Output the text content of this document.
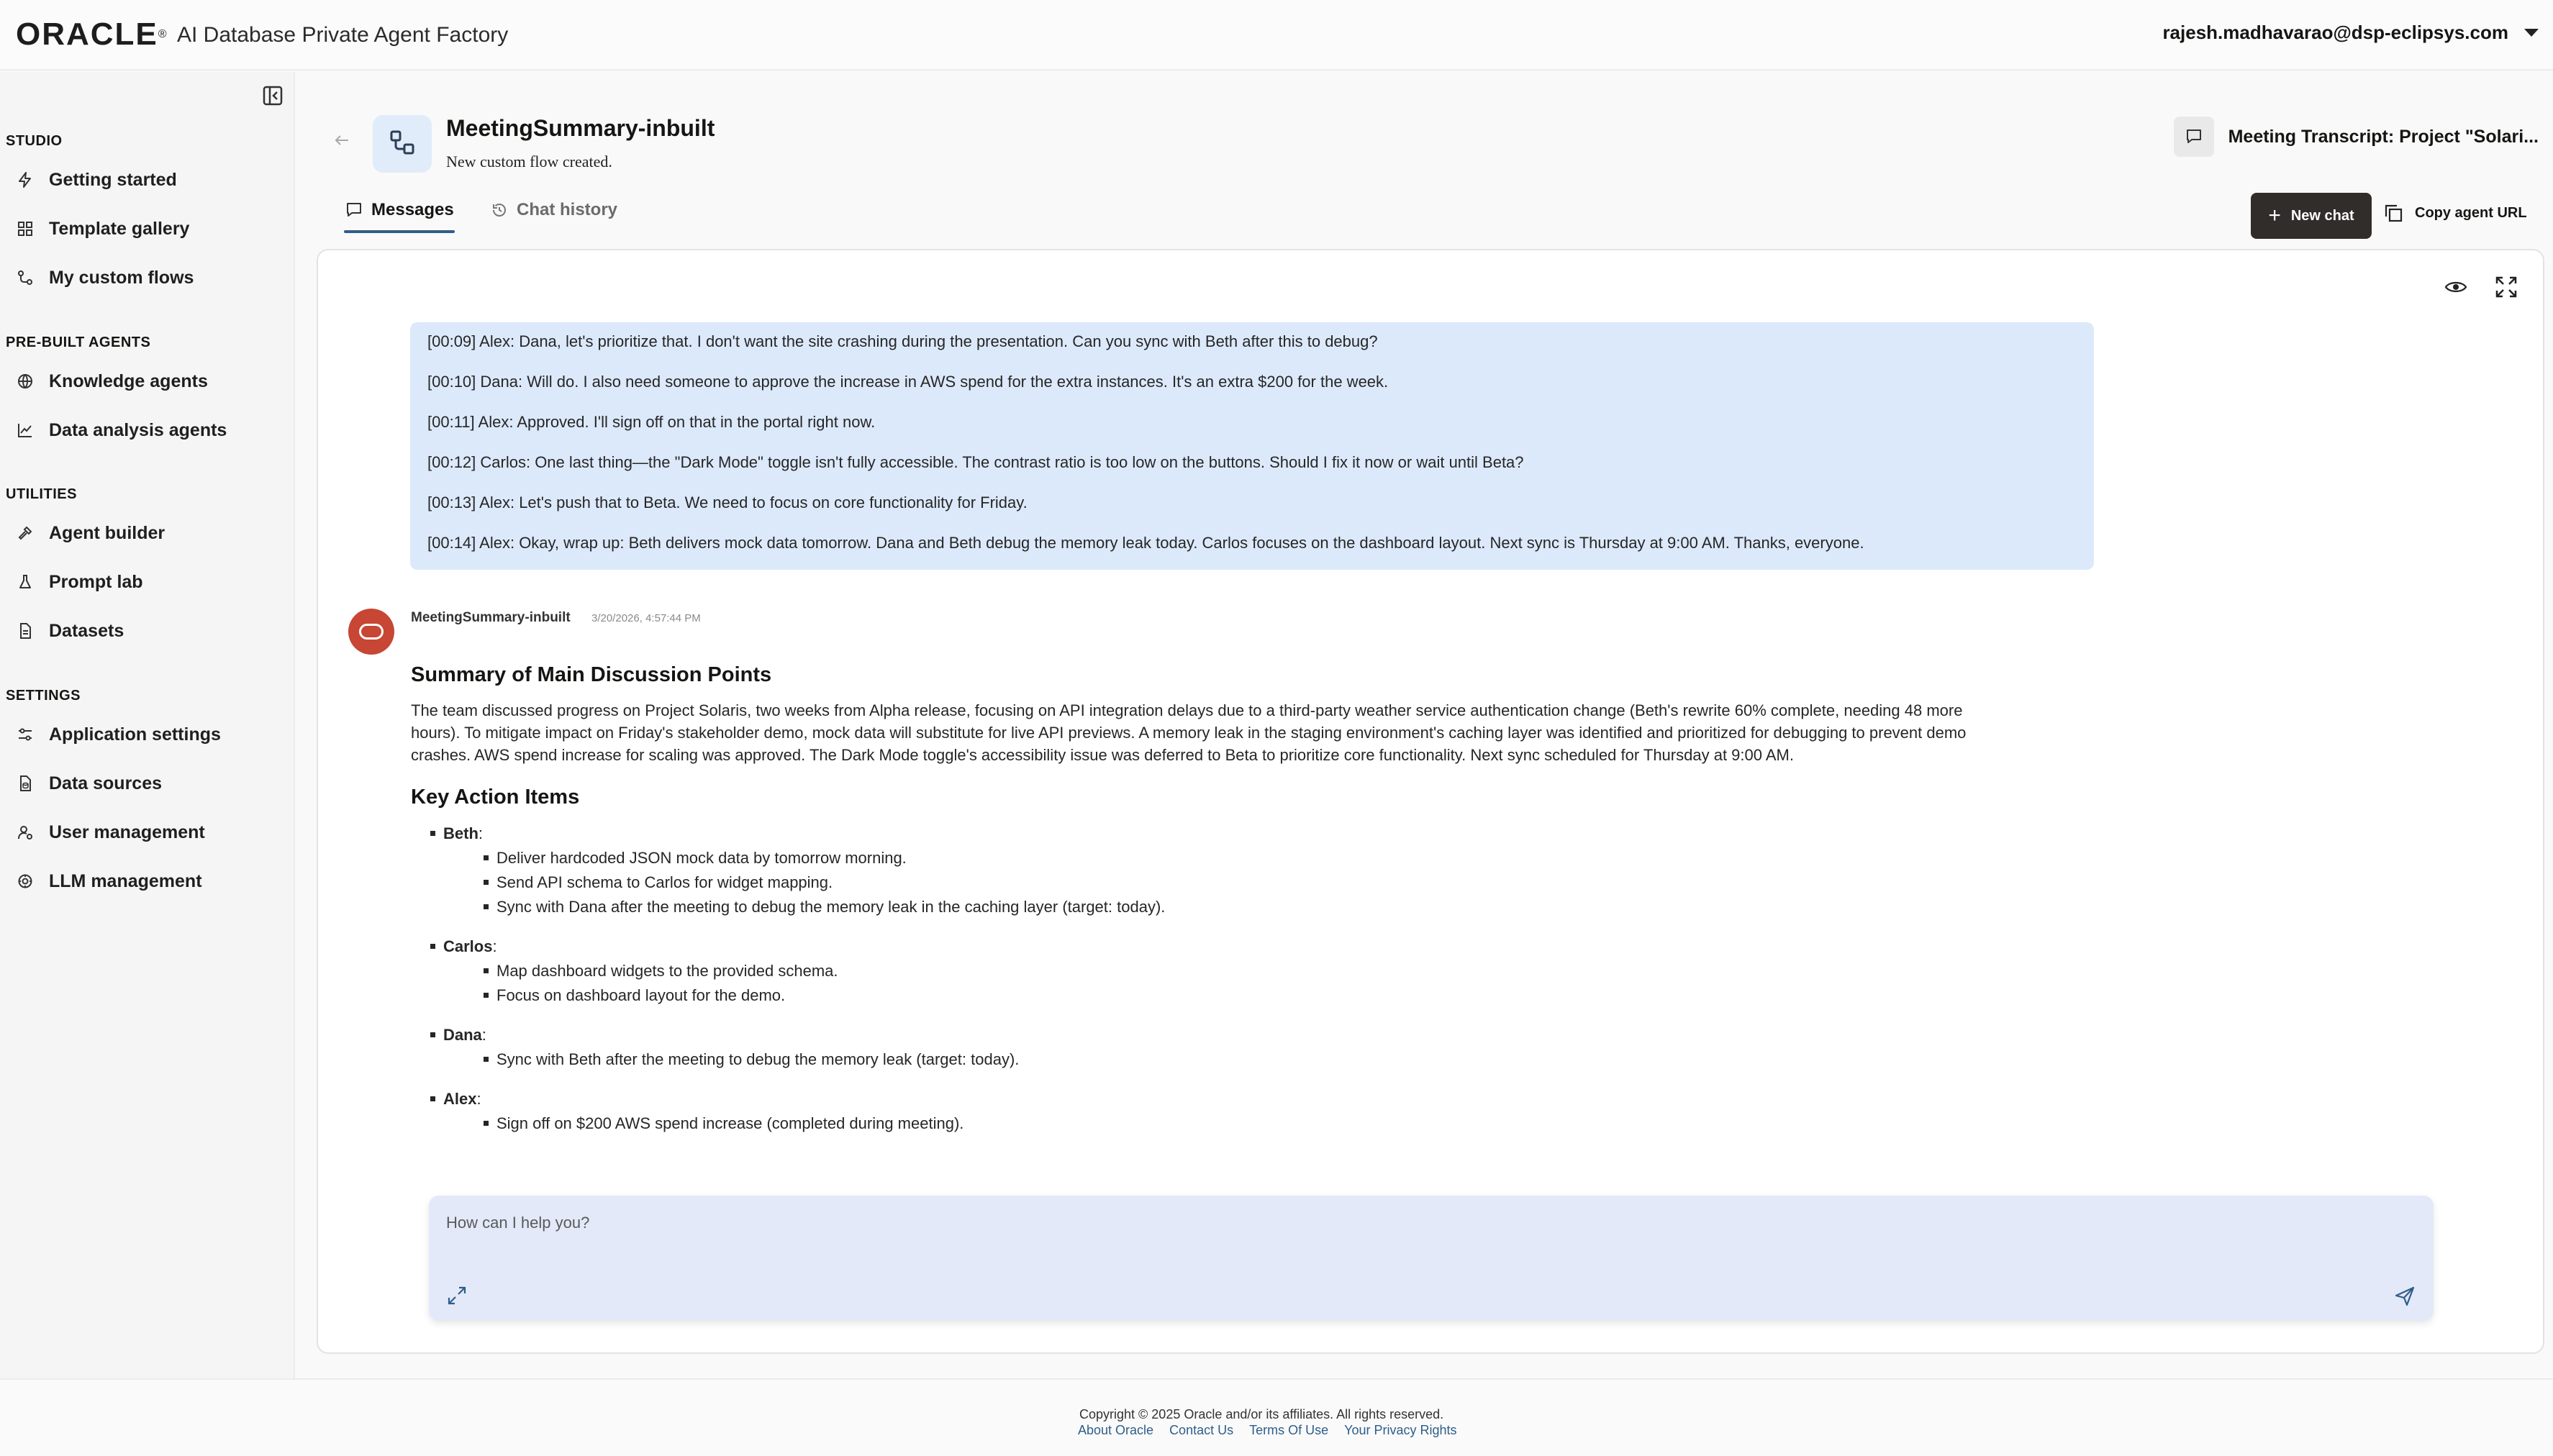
ORACLE® AI Database Private Agent Factory	rajesh.madhavarao@dsp-eclipsys.com
STUDIO
Getting started
Template gallery
My custom flows
PRE-BUILT AGENTS
Knowledge agents
Data analysis agents
UTILITIES
Agent builder
Prompt lab
Datasets
SETTINGS
Application settings
Data sources
User management
LLM management
MeetingSummary-inbuilt
New custom flow created.
Meeting Transcript: Project "Solari...
Messages	Chat history	+ New chat	Copy agent URL
[00:09] Alex: Dana, let's prioritize that. I don't want the site crashing during the presentation. Can you sync with Beth after this to debug?
[00:10] Dana: Will do. I also need someone to approve the increase in AWS spend for the extra instances. It's an extra $200 for the week.
[00:11] Alex: Approved. I'll sign off on that in the portal right now.
[00:12] Carlos: One last thing—the "Dark Mode" toggle isn't fully accessible. The contrast ratio is too low on the buttons. Should I fix it now or wait until Beta?
[00:13] Alex: Let's push that to Beta. We need to focus on core functionality for Friday.
[00:14] Alex: Okay, wrap up: Beth delivers mock data tomorrow. Dana and Beth debug the memory leak today. Carlos focuses on the dashboard layout. Next sync is Thursday at 9:00 AM. Thanks, everyone.
MeetingSummary-inbuilt 3/20/2026, 4:57:44 PM
Summary of Main Discussion Points
The team discussed progress on Project Solaris, two weeks from Alpha release, focusing on API integration delays due to a third-party weather service authentication change (Beth's rewrite 60% complete, needing 48 more
hours). To mitigate impact on Friday's stakeholder demo, mock data will substitute for live API previews. A memory leak in the staging environment's caching layer was identified and prioritized for debugging to prevent demo
crashes. AWS spend increase for scaling was approved. The Dark Mode toggle's accessibility issue was deferred to Beta to prioritize core functionality. Next sync scheduled for Thursday at 9:00 AM.
Key Action Items
Beth:
Deliver hardcoded JSON mock data by tomorrow morning.
Send API schema to Carlos for widget mapping.
Sync with Dana after the meeting to debug the memory leak in the caching layer (target: today).
Carlos:
Map dashboard widgets to the provided schema.
Focus on dashboard layout for the demo.
Dana:
Sync with Beth after the meeting to debug the memory leak (target: today).
Alex:
Sign off on $200 AWS spend increase (completed during meeting).
How can I help you?
Copyright © 2025 Oracle and/or its affiliates. All rights reserved.
About Oracle Contact Us Terms Of Use Your Privacy Rights
